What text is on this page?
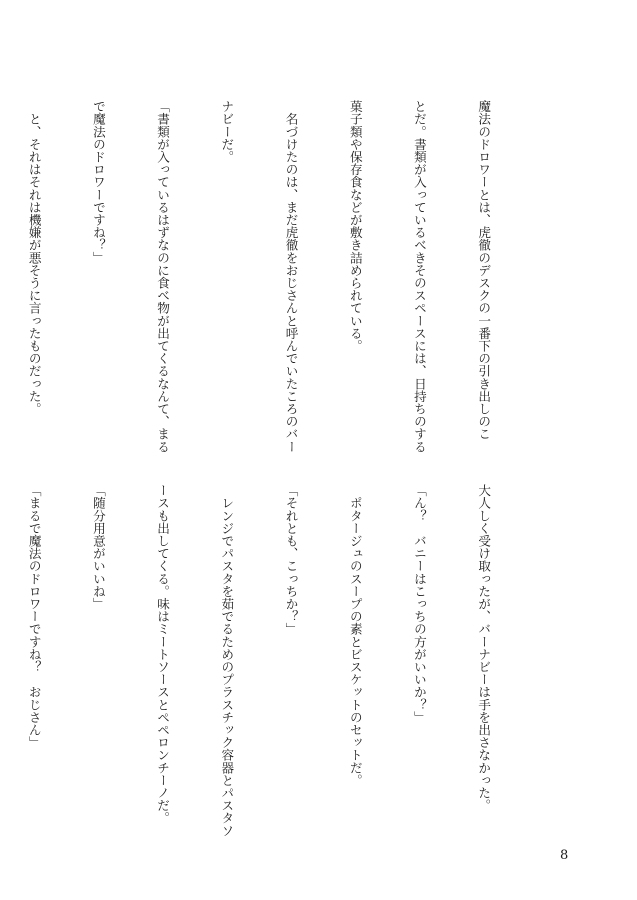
魔法のドロワーとは、虎徹のデスクの一番下の引き出しのこ

とだ。書類が入っているべきそのスペースには、日持ちのする

菓子類や保存食などが敷き詰められている。

　名づけたのは、まだ虎徹をおじさんと呼んでいたころのバー

ナビーだ。

「書類が入っているはずなのに食べ物が出てくるなんて、まる

で魔法のドロワーですね？」

　と、それはそれは機嫌が悪そうに言ったものだった。

大人しく受け取ったが、バーナビーは手を出さなかった。

「ん？　バニーはこっちの方がいいか？」

　ポタージュのスープの素とビスケットのセットだ。

「それとも、こっちか？」

　レンジでパスタを茹でるためのプラスチック容器とパスタソ

ースも出してくる。味はミートソースとペペロンチーノだ。

「随分用意がいいね」

「まるで魔法のドロワーですね？　おじさん」

8
